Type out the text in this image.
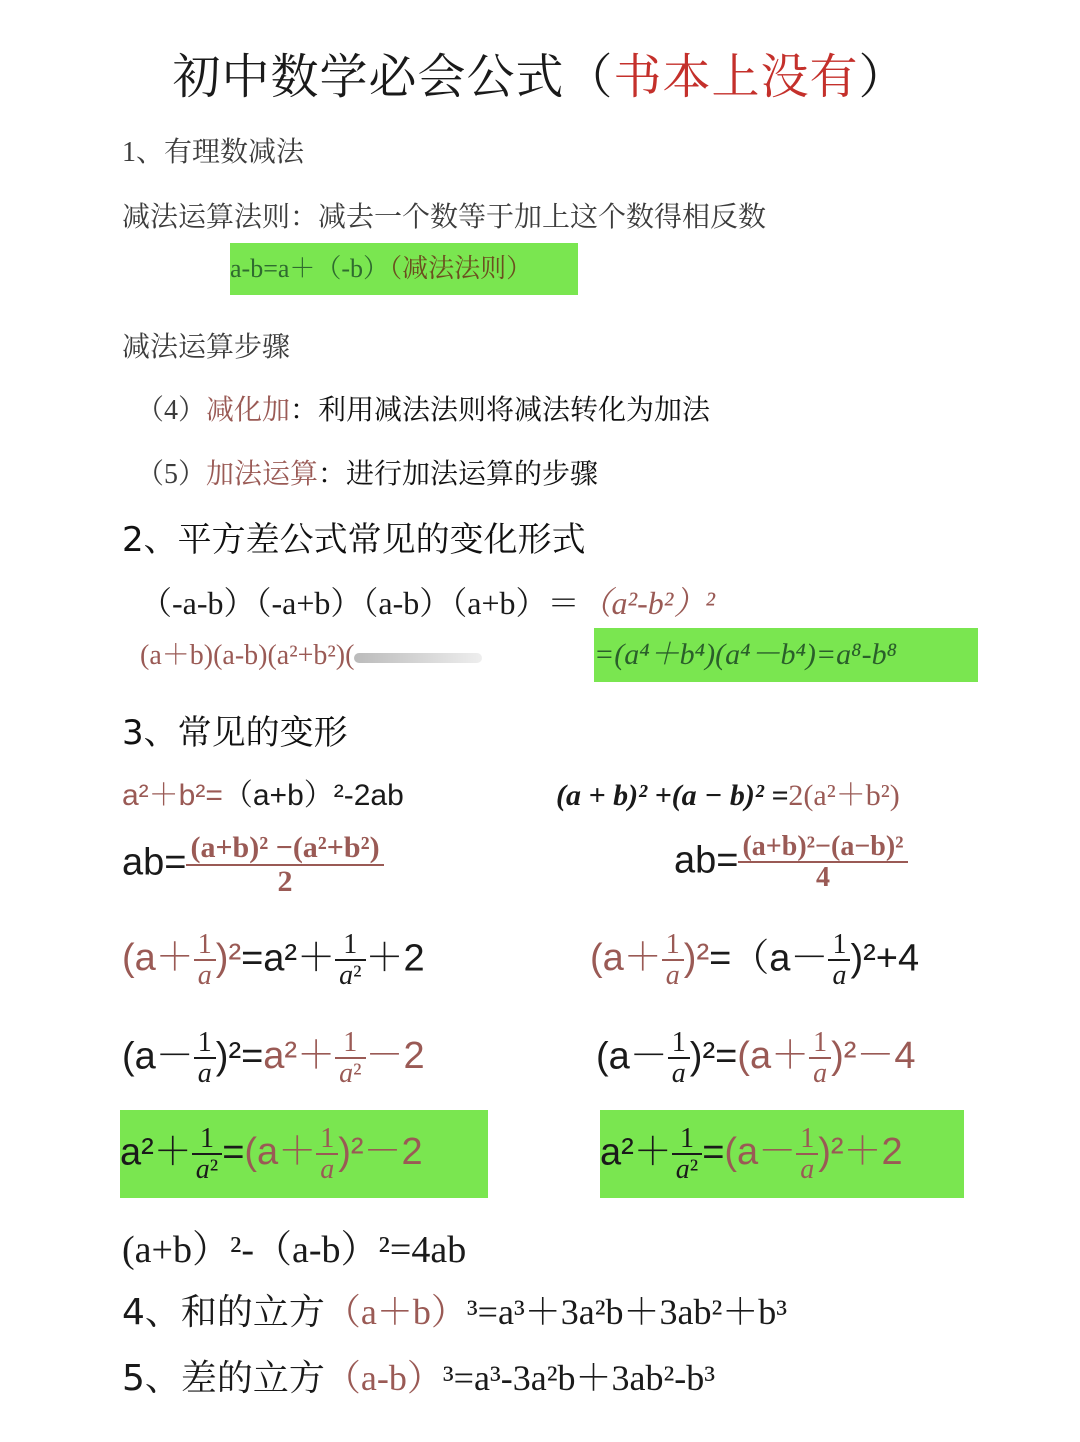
初中数学必会公式（书本上没有）
1、有理数减法
减法运算法则：减去一个数等于加上这个数得相反数
a-b=a＋（-b）（减法法则）
减法运算步骤
（4）减化加：利用减法法则将减法转化为加法
（5）加法运算：进行加法运算的步骤
2、平方差公式常见的变化形式
（-a-b）（-a+b）（a-b）（a+b）＝（a²-b²）²
(a＋b)(a-b)(a²+b²)(	=(a⁴＋b⁴)(a⁴－b⁴)=a⁸-b⁸
3、常见的变形
a²＋b²=（a+b）²-2ab	(a + b)² +(a − b)² =2(a²＋b²)
$ab= \frac{\text{(a+b)² −(a²+b²)}}{2}$	$ab= \frac{\text{(a+b)²−(a−b)²}}{4}$
$(a+ \frac{1}{a} )^2=a^2+ \frac{1}{\text{a²}} +2$	$(a+ \frac{1}{a} )^2=(a- \frac{1}{a} )^2+4$
$(a- \frac{1}{a} )^2=a^2+ \frac{1}{\text{a²}} -2$	$(a- \frac{1}{a} )^2=(a+ \frac{1}{a} )^2-4$
$a^2+ \frac{1}{\text{a²}} =(a+ \frac{1}{a} )^2-2$	$a^2+ \frac{1}{\text{a²}} =(a- \frac{1}{a} )^2+2$
(a+b）²-（a-b）²=4ab
4、和的立方（a＋b）³=a³＋3a²b＋3ab²＋b³
5、差的立方（a-b）³=a³-3a²b＋3ab²-b³
